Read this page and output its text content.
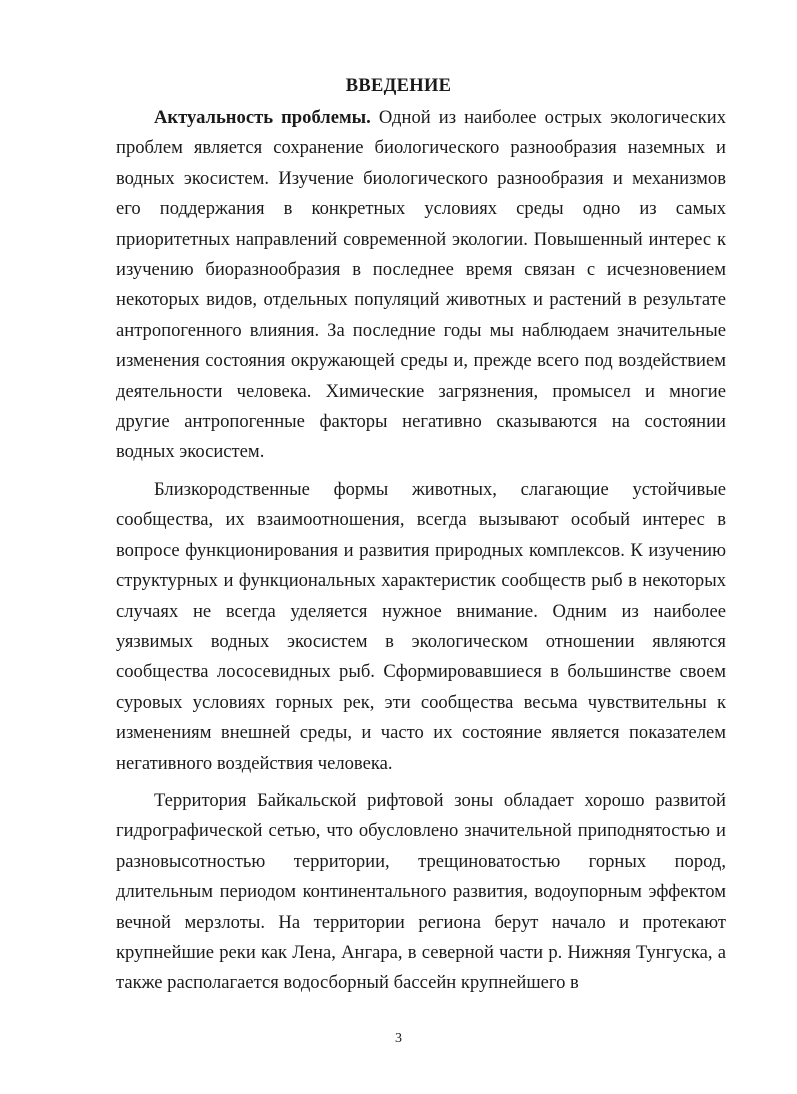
ВВЕДЕНИЕ

Актуальность проблемы. Одной из наиболее острых экологических проблем является сохранение биологического разнообразия наземных и водных экосистем. Изучение биологического разнообразия и механизмов его поддержания в конкретных условиях среды одно из самых приоритетных направлений современной экологии. Повышенный интерес к изучению биоразнообразия в последнее время связан с исчезновением некоторых видов, отдельных популяций животных и растений в результате антропогенного влияния. За последние годы мы наблюдаем значительные изменения состояния окружающей среды и, прежде всего под воздействием деятельности человека. Химические загрязнения, промысел и многие другие антропогенные факторы негативно сказываются на состоянии водных экосистем.

Близкородственные формы животных, слагающие устойчивые сообщества, их взаимоотношения, всегда вызывают особый интерес в вопросе функционирования и развития природных комплексов. К изучению структурных и функциональных характеристик сообществ рыб в некоторых случаях не всегда уделяется нужное внимание. Одним из наиболее уязвимых водных экосистем в экологическом отношении являются сообщества лососевидных рыб. Сформировавшиеся в большинстве своем суровых условиях горных рек, эти сообщества весьма чувствительны к изменениям внешней среды, и часто их состояние является показателем негативного воздействия человека.

Территория Байкальской рифтовой зоны обладает хорошо развитой гидрографической сетью, что обусловлено значительной приподнятостью и разновысотностью территории, трещиноватостью горных пород, длительным периодом континентального развития, водоупорным эффектом вечной мерзлоты. На территории региона берут начало и протекают крупнейшие реки как Лена, Ангара, в северной части р. Нижняя Тунгуска, а также располагается водосборный бассейн крупнейшего в

3
